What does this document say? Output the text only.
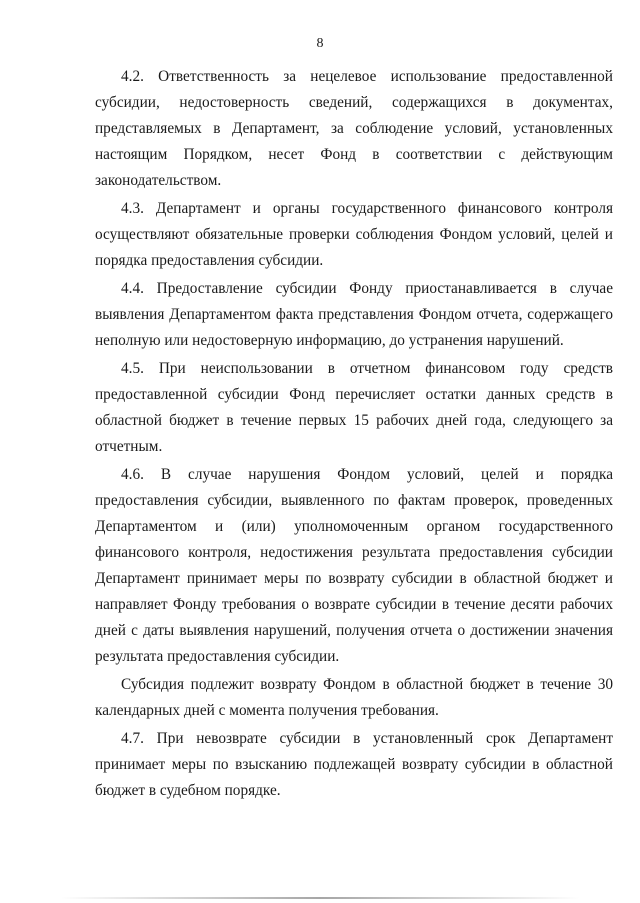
8

4.2. Ответственность за нецелевое использование предоставленной субсидии, недостоверность сведений, содержащихся в документах, представляемых в Департамент, за соблюдение условий, установленных настоящим Порядком, несет Фонд в соответствии с действующим законодательством.

4.3. Департамент и органы государственного финансового контроля осуществляют обязательные проверки соблюдения Фондом условий, целей и порядка предоставления субсидии.

4.4. Предоставление субсидии Фонду приостанавливается в случае выявления Департаментом факта представления Фондом отчета, содержащего неполную или недостоверную информацию, до устранения нарушений.

4.5. При неиспользовании в отчетном финансовом году средств предоставленной субсидии Фонд перечисляет остатки данных средств в областной бюджет в течение первых 15 рабочих дней года, следующего за отчетным.

4.6. В случае нарушения Фондом условий, целей и порядка предоставления субсидии, выявленного по фактам проверок, проведенных Департаментом и (или) уполномоченным органом государственного финансового контроля, недостижения результата предоставления субсидии Департамент принимает меры по возврату субсидии в областной бюджет и направляет Фонду требования о возврате субсидии в течение десяти рабочих дней с даты выявления нарушений, получения отчета о достижении значения результата предоставления субсидии.

Субсидия подлежит возврату Фондом в областной бюджет в течение 30 календарных дней с момента получения требования.

4.7. При невозврате субсидии в установленный срок Департамент принимает меры по взысканию подлежащей возврату субсидии в областной бюджет в судебном порядке.
